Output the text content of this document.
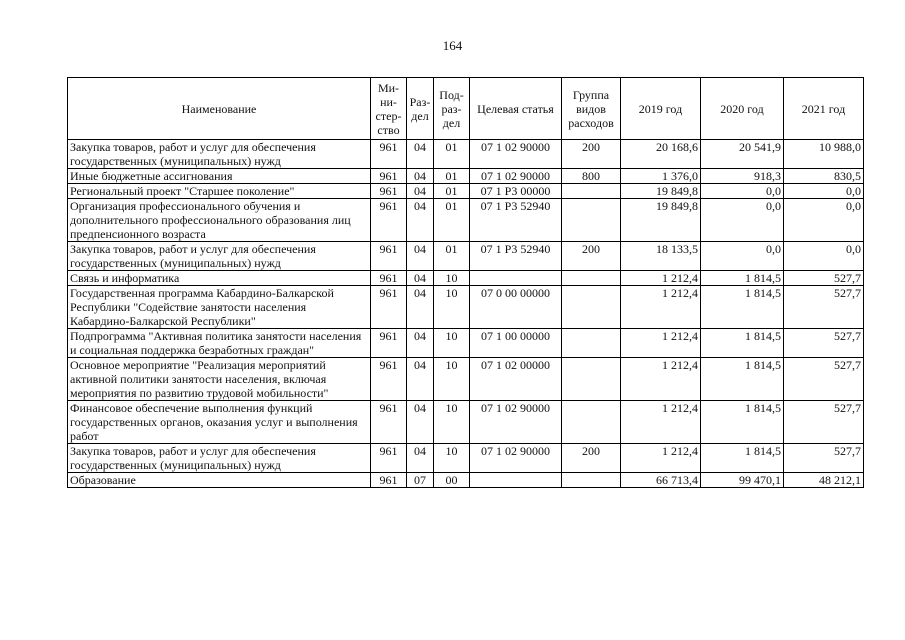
164
Наименование	Ми-ни-стер-ство	Раз-дел	Под-раз-дел	Целевая статья	Группа видов расходов	2019 год	2020 год	2021 год
Закупка товаров, работ и услуг для обеспечения государственных (муниципальных) нужд	961	04	01	07 1 02 90000	200	20 168,6	20 541,9	10 988,0
Иные бюджетные ассигнования	961	04	01	07 1 02 90000	800	1 376,0	918,3	830,5
Региональный проект "Старшее поколение"	961	04	01	07 1 Р3 00000		19 849,8	0,0	0,0
Организация профессионального обучения и дополнительного профессионального образования лиц предпенсионного возраста	961	04	01	07 1 Р3 52940		19 849,8	0,0	0,0
Закупка товаров, работ и услуг для обеспечения государственных (муниципальных) нужд	961	04	01	07 1 Р3 52940	200	18 133,5	0,0	0,0
Связь и информатика	961	04	10			1 212,4	1 814,5	527,7
Государственная программа Кабардино-Балкарской Республики "Содействие занятости населения Кабардино-Балкарской Республики"	961	04	10	07 0 00 00000		1 212,4	1 814,5	527,7
Подпрограмма "Активная политика занятости населения и социальная поддержка безработных граждан"	961	04	10	07 1 00 00000		1 212,4	1 814,5	527,7
Основное мероприятие "Реализация мероприятий активной политики занятости населения, включая мероприятия по развитию трудовой мобильности"	961	04	10	07 1 02 00000		1 212,4	1 814,5	527,7
Финансовое обеспечение выполнения функций государственных органов, оказания услуг и выполнения работ	961	04	10	07 1 02 90000		1 212,4	1 814,5	527,7
Закупка товаров, работ и услуг для обеспечения государственных (муниципальных) нужд	961	04	10	07 1 02 90000	200	1 212,4	1 814,5	527,7
Образование	961	07	00			66 713,4	99 470,1	48 212,1
